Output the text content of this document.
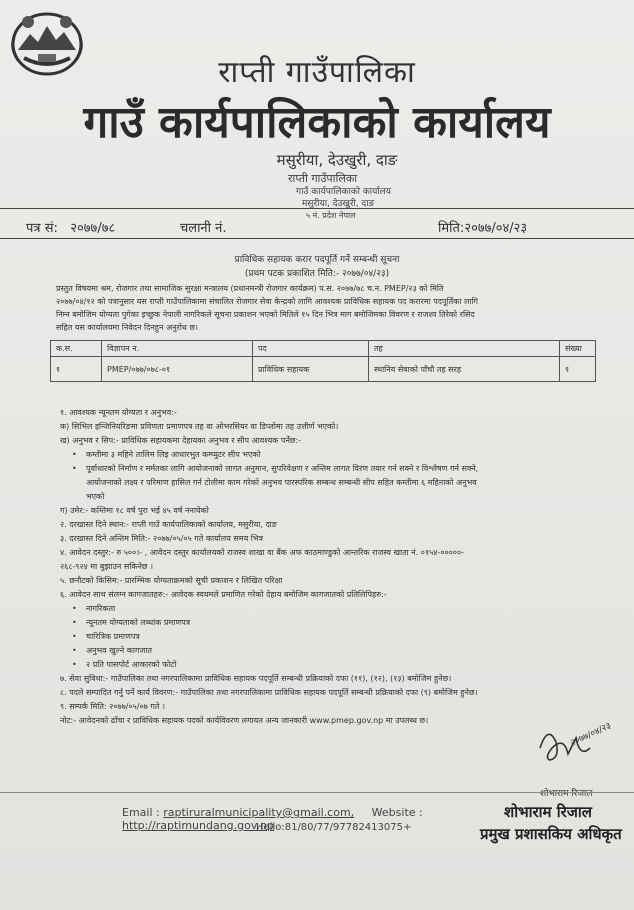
राप्ती गाउँपालिका
गाउँ कार्यपालिकाको कार्यालय
मसुरीया, देउखुरी, दाङ
राप्ती गाउँपालिका
गाउँ कार्यपालिकाको कार्यालय
मसुरीया, देउखुरी, दाङ
५ नं. प्रदेश नेपाल
पत्र सं: २०७७/७८	चलानी नं.	मिति:२०७७/०४/२३
प्राविधिक सहायक करार पदपूर्ति गर्ने सम्बन्धी सूचना
(प्रथम पटक प्रकाशित मिति:- २०७७/०४/२३)
प्रस्तुत विषयमा श्रम, रोजगार तथा सामाजिक सुरक्षा मन्त्रालय (प्रधानमन्त्री रोजगार कार्यक्रम) प.स. २०७७/७८ च.न. PMEP/२३ को मिति
२०७७/०४/१२ को पत्रानुसार यस राप्ती गाउँपालिकामा संचालित रोजगार सेवा केन्द्रको लागि आवश्यक प्राविधिक सहायक पद करारमा पदपूर्तिका लागि
निम्न बमोजिम योग्यता पुगेका इच्छुक नेपाली नागरिकले सूचना प्रकाशन भएको मितिले १५ दिन भित्र माग बमोजिमका विवरण र राजश्व तिरेको रसिद
सहित यस कार्यालयमा निवेदन दिनहुन अनुरोध छ।
क.स.	विज्ञापन न.	पद	तह	संख्या
१	PMEP/०७७/०७८-०१	प्राविधिक सहायक	स्थानिय सेवाको पाँचौ तह सरह	१
१. आवश्यक न्यूनतम योग्यता र अनुभव:-
क) सिभिल इन्जिनियरिङमा प्रविणता प्रमाणपत्र तह वा ओभरसियर वा डिप्लोमा तह उत्तीर्ण भएको।
ख) अनुभव र सिप:- प्राविधिक सहायकमा देहायका अनुभव र सीप आवश्यक पर्नेछ:-
• कम्तीमा ३ महिने तालिम लिइ आधारभुत कम्प्युटर सीप भएको
• पूर्वाधारको निर्माण र मर्मतका लागि आयोजनाको लागत अनुमान, सुपरिवेक्षण र अन्तिम लागत विरण तयार गर्न सक्ने र विश्लेषण गर्न सक्ने,
आयोजनाको लक्ष्य र परिमाण हासिल गर्न टोलीमा काम गरेको अनुभव पारस्परिक सम्बन्ध सम्बन्धी सीप सहित कम्तीमा ६ महिनाको अनुभव
भएको
ग) उमेर:- कम्तिमा १८ वर्ष पुरा भई ४५ वर्ष ननाघेको
२. दरखास्त दिने स्थान:- राप्ती गाउँ कार्यपालिकाको कार्यालय, मसुरीया, दाङ
३. दरखास्त दिने अन्तिम मिति:- २०७७/०५/०५ गते कार्यालय समय भित्र
४. आवेदन दस्तुर:- रु ५००।- , आवेदन दस्तुर कार्यालयको राजस्व शाखा वा बैंक अफ काठमाण्डुको आन्तरिक राजस्व खाता नं. ०१५४-०००००-
२६८-९२४ मा बुझाउन सकिनेछ ।
५. छनौटको किसिम:- प्रारम्भिक योग्यताक्रमको सूची प्रकाशन र लिखित परिक्षा
६. आवेदन साथ संलग्न कागजातहरु:- आवेदक स्वयमले प्रमाणित गरेको देहाय बमोजिम कागजातको प्रतिलिपिहरु:-
• नागरिकता
• न्यूनतम योग्यताको लब्धांक प्रमाणपत्र
• चारित्रिक प्रमाणपत्र
• अनुभव खुल्ने कागजात
• २ प्रति पासपोर्ट आकारको फोटो
७. सेवा सुविधा:- गाउँपालिका तथा नगरपालिकामा प्राविधिक सहायक पदपूर्ति सम्बन्धी प्रक्रियाको दफा (११), (१२), (१३) बमोजिम हुनेछ।
८. पदले सम्पादित गर्नु पर्ने कार्य विवरण:- गाउँपालिका तथा नगरपालिकामा प्राविधिक सहायक पदपूर्ति सम्बन्धी प्रक्रियाको दफा (९) बमोजिम हुनेछ।
९. सम्पर्क मिति: २०७७/०५/०७ गते ।
नोट:- आवेदनको ढाँचा र प्राविधिक सहायक पदको कार्यविवरण लगायत अन्य जानकारी www.pmep.gov.np मा उपलब्ध छ।
२०७७/०४/२३
शोभाराम रिजाल
Email : raptiruralmunicipality@gmail.com, Website : http://raptimundang.gov.np
Hello:81/80/77/97782413075+
शोभाराम रिजाल
प्रमुख प्रशासकिय अधिकृत
